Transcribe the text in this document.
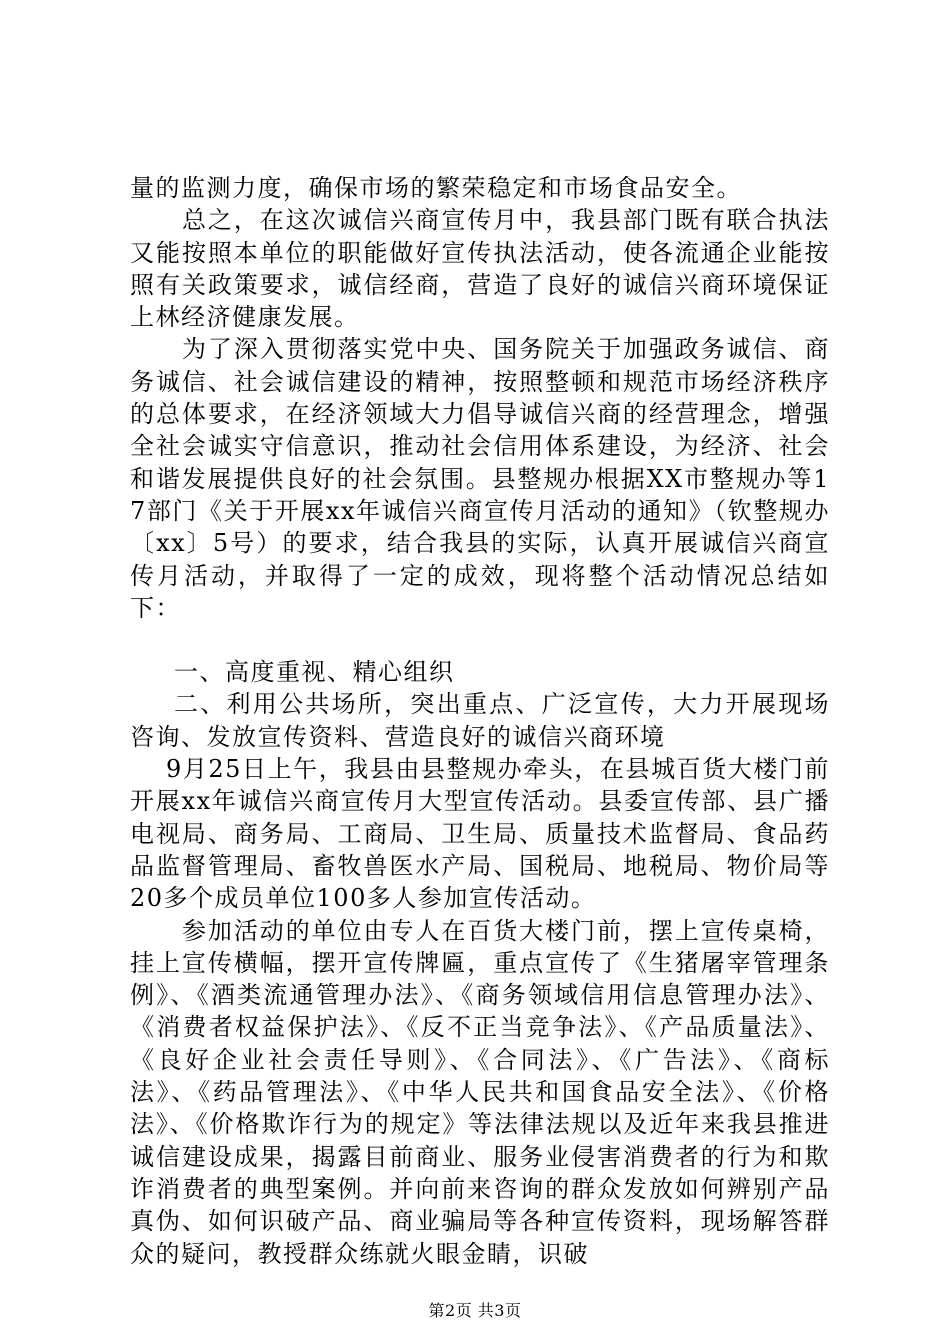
量的监测力度，确保市场的繁荣稳定和市场食品安全。

总之，在这次诚信兴商宣传月中，我县部门既有联合执法又能按照本单位的职能做好宣传执法活动，使各流通企业能按照有关政策要求，诚信经商，营造了良好的诚信兴商环境保证上林经济健康发展。

为了深入贯彻落实党中央、国务院关于加强政务诚信、商务诚信、社会诚信建设的精神，按照整顿和规范市场经济秩序的总体要求，在经济领域大力倡导诚信兴商的经营理念，增强全社会诚实守信意识，推动社会信用体系建设，为经济、社会和谐发展提供良好的社会氛围。县整规办根据XX市整规办等17部门《关于开展xx年诚信兴商宣传月活动的通知》（钦整规办〔xx〕5号）的要求，结合我县的实际，认真开展诚信兴商宣传月活动，并取得了一定的成效，现将整个活动情况总结如下：

一、高度重视、精心组织

二、利用公共场所，突出重点、广泛宣传，大力开展现场咨询、发放宣传资料、营造良好的诚信兴商环境

9月25日上午，我县由县整规办牵头，在县城百货大楼门前开展xx年诚信兴商宣传月大型宣传活动。县委宣传部、县广播电视局、商务局、工商局、卫生局、质量技术监督局、食品药品监督管理局、畜牧兽医水产局、国税局、地税局、物价局等20多个成员单位100多人参加宣传活动。

参加活动的单位由专人在百货大楼门前，摆上宣传桌椅，挂上宣传横幅，摆开宣传牌匾，重点宣传了《生猪屠宰管理条例》、《酒类流通管理办法》、《商务领域信用信息管理办法》、《消费者权益保护法》、《反不正当竞争法》、《产品质量法》、《良好企业社会责任导则》、《合同法》、《广告法》、《商标法》、《药品管理法》、《中华人民共和国食品安全法》、《价格法》、《价格欺诈行为的规定》等法律法规以及近年来我县推进诚信建设成果，揭露目前商业、服务业侵害消费者的行为和欺诈消费者的典型案例。并向前来咨询的群众发放如何辨别产品真伪、如何识破产品、商业骗局等各种宣传资料，现场解答群众的疑问，教授群众练就火眼金睛，识破

第2页 共3页
